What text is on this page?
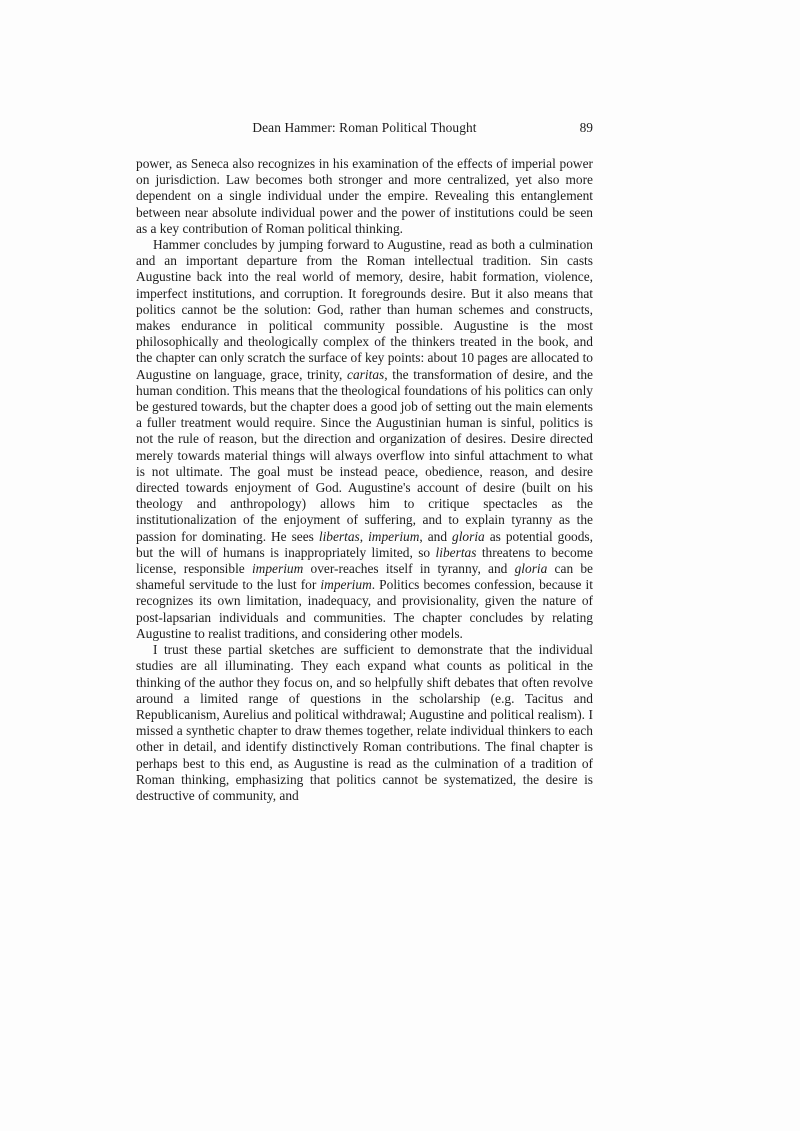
Dean Hammer: Roman Political Thought	89

power, as Seneca also recognizes in his examination of the effects of imperial power on jurisdiction. Law becomes both stronger and more centralized, yet also more dependent on a single individual under the empire. Revealing this entanglement between near absolute individual power and the power of institutions could be seen as a key contribution of Roman political thinking.

Hammer concludes by jumping forward to Augustine, read as both a culmination and an important departure from the Roman intellectual tradition. Sin casts Augustine back into the real world of memory, desire, habit formation, violence, imperfect institutions, and corruption. It foregrounds desire. But it also means that politics cannot be the solution: God, rather than human schemes and constructs, makes endurance in political community possible. Augustine is the most philosophically and theologically complex of the thinkers treated in the book, and the chapter can only scratch the surface of key points: about 10 pages are allocated to Augustine on language, grace, trinity, caritas, the transformation of desire, and the human condition. This means that the theological foundations of his politics can only be gestured towards, but the chapter does a good job of setting out the main elements a fuller treatment would require. Since the Augustinian human is sinful, politics is not the rule of reason, but the direction and organization of desires. Desire directed merely towards material things will always overflow into sinful attachment to what is not ultimate. The goal must be instead peace, obedience, reason, and desire directed towards enjoyment of God. Augustine's account of desire (built on his theology and anthropology) allows him to critique spectacles as the institutionalization of the enjoyment of suffering, and to explain tyranny as the passion for dominating. He sees libertas, imperium, and gloria as potential goods, but the will of humans is inappropriately limited, so libertas threatens to become license, responsible imperium over-reaches itself in tyranny, and gloria can be shameful servitude to the lust for imperium. Politics becomes confession, because it recognizes its own limitation, inadequacy, and provisionality, given the nature of post-lapsarian individuals and communities. The chapter concludes by relating Augustine to realist traditions, and considering other models.

I trust these partial sketches are sufficient to demonstrate that the individual studies are all illuminating. They each expand what counts as political in the thinking of the author they focus on, and so helpfully shift debates that often revolve around a limited range of questions in the scholarship (e.g. Tacitus and Republicanism, Aurelius and political withdrawal; Augustine and political realism). I missed a synthetic chapter to draw themes together, relate individual thinkers to each other in detail, and identify distinctively Roman contributions. The final chapter is perhaps best to this end, as Augustine is read as the culmination of a tradition of Roman thinking, emphasizing that politics cannot be systematized, the desire is destructive of community, and
